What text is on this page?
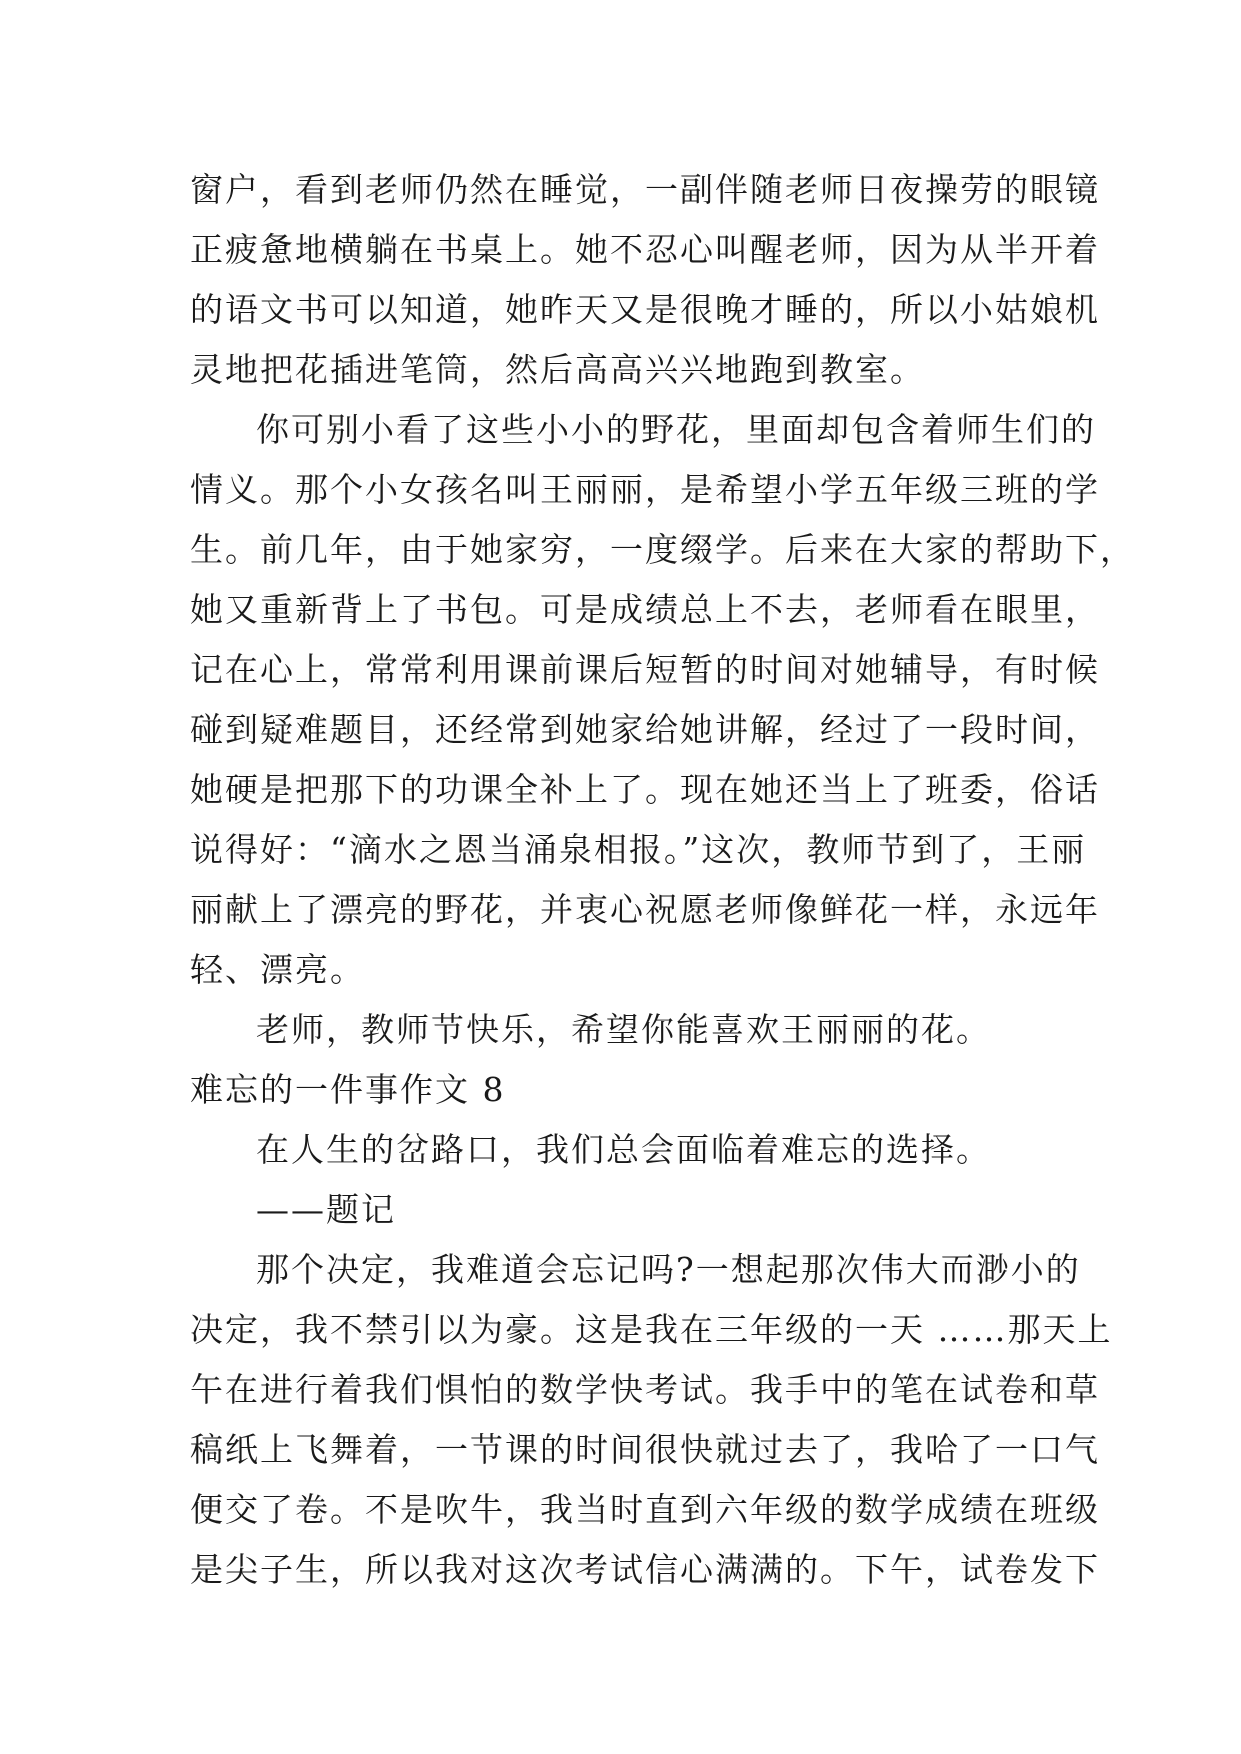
窗户，看到老师仍然在睡觉，一副伴随老师日夜操劳的眼镜
正疲惫地横躺在书桌上。她不忍心叫醒老师，因为从半开着
的语文书可以知道，她昨天又是很晚才睡的，所以小姑娘机
灵地把花插进笔筒，然后高高兴兴地跑到教室。
你可别小看了这些小小的野花，里面却包含着师生们的
情义。那个小女孩名叫王丽丽，是希望小学五年级三班的学
生。前几年，由于她家穷，一度缀学。后来在大家的帮助下，
她又重新背上了书包。可是成绩总上不去，老师看在眼里，
记在心上，常常利用课前课后短暂的时间对她辅导，有时候
碰到疑难题目，还经常到她家给她讲解，经过了一段时间，
她硬是把那下的功课全补上了。现在她还当上了班委，俗话
说得好：“滴水之恩当涌泉相报。”这次，教师节到了，王丽
丽献上了漂亮的野花，并衷心祝愿老师像鲜花一样，永远年
轻、漂亮。
老师，教师节快乐，希望你能喜欢王丽丽的花。
难忘的一件事作文 8
在人生的岔路口，我们总会面临着难忘的选择。
——题记
那个决定，我难道会忘记吗?一想起那次伟大而渺小的
决定，我不禁引以为豪。这是我在三年级的一天 ……那天上
午在进行着我们惧怕的数学快考试。我手中的笔在试卷和草
稿纸上飞舞着，一节课的时间很快就过去了，我哈了一口气
便交了卷。不是吹牛，我当时直到六年级的数学成绩在班级
是尖子生，所以我对这次考试信心满满的。下午，试卷发下
